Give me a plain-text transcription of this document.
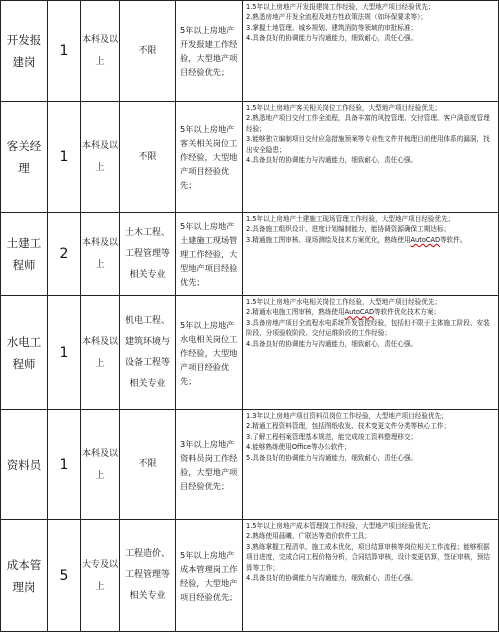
开发报建岗	1	本科及以上	不限	5年以上房地产开发报建工作经验，大型地产项目经验优先；	1.5年以上房地产开发报建岗工作经验，大型地产项目经验优先；
2.熟悉房地产开发全流程及地方性政策法规（如环保要求等）；
3.掌握土地管理、城乡规划、建筑消防等领域的审批标准；
4.具备良好的协调能力与沟通能力，细致耐心，责任心强。

客关经理	1	本科及以上	不限	5年以上房地产客关相关岗位工作经验，大型地产项目经验优先；	1.5年以上房地产客关相关岗位工作经验，大型地产项目经验优先；
2.熟悉地产项目交付工作全流程，具备丰富的风控管理、交付管理、客户满意度管理经验；
3.能够独立编制项目交付应急措施预案等专业性文件并梳理目前使用体系的漏洞，找出安全隐患；
4.具备良好的协调能力与沟通能力，细致耐心，责任心强。

土建工程师	2	本科及以上	土木工程、工程管理等相关专业	5年以上房地产土建施工现场管理工作经验，大型地产项目经验优先；	1.5年以上房地产土建施工现场管理工作经验，大型地产项目经验优先；
2.具备施工组织设计、进度计划编制能力，能协调资源确保工期达标；
3.精通施工图审核、现场测绘及技术方案优化，熟练使用AutoCAD等软件。

水电工程师	1	本科及以上	机电工程、建筑环境与设备工程等相关专业	5年以上房地产水电相关岗位工作经验，大型地产项目经验优先；	1.5年以上房地产水电相关岗位工作经验，大型地产项目经验优先；
2.精通水电施工图审核，熟练使用AutoCAD等软件优化技术方案；
3.具备房地产项目全流程水电系统开发管控经验，包括但不限于主体施工阶段、安装阶段、分项验收阶段、交付运维阶段的工作经验；
4.具备良好的协调能力与沟通能力，细致耐心，责任心强。

资料员	1	本科及以上	不限	3年以上房地产资料员岗工作经验，大型地产项目经验优先；	1.3年以上房地产项目资料员岗位工作经验，大型地产项目经验优先；
2.精通工程资料管理，包括图纸收发、技术变更文件分类等核心工作；
3.了解工程档案管理基本规范，能完成竣工资料整理移交；
4.能够熟练使用Office等办公软件；
5.具备良好的协调能力与沟通能力，细致耐心，责任心强。

成本管理岗	5	大专及以上	工程造价、工程管理等相关专业	5年以上房地产成本管理岗工作经验，大型地产项目经验优先；	1.5年以上房地产成本管理岗工作经验，大型地产项目经验优先；
2.熟练使用晨曦、广联达等造价软件工具；
3.熟练掌握工程清单，施工成本优化，项目结算审核等岗位相关工作流程；能够根据项目进度，完成合同工程价格分析，合同结算审核，设计变更估算，签证审核，预结算等工作；
4.具备良好的协调能力与沟通能力，细致耐心，责任心强。
